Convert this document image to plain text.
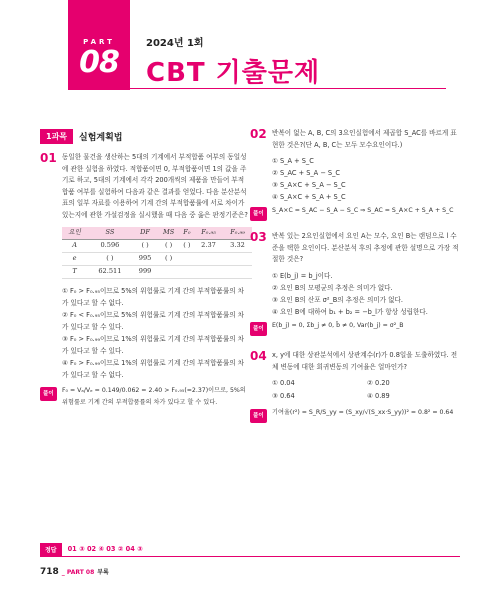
PART
08
2024년 1회
CBT 기출문제
1과목	실험계획법
01 동일한 물건을 생산하는 5대의 기계에서 부적합품 여부의 동일성에 관한 실험을 하였다. 적합품이면 0, 부적합품이면 1의 값을 주기로 하고, 5대의 기계에서 각각 200개씩의 제품을 만들어 부적합품 여부를 실험하여 다음과 같은 결과를 얻었다. 다음 분산분석표의 일부 자료를 이용하여 기계 간의 부적합품률에 서로 차이가 있는지에 관한 가설검정을 실시했을 때 다음 중 옳은 판정기준은?
요인	SS	DF	MS	F₀	F₀.₉₅	F₀.₉₉
A	0.596	( )	( )	( )	2.37	3.32
e	( )	995	( )			
T	62.511	999				
① F₀ > F₀.₉₅이므로 5%의 위험률로 기계 간의 부적합품률의 차가 있다고 할 수 없다.
② F₀ < F₀.₉₅이므로 5%의 위험률로 기계 간의 부적합품률의 차가 있다고 할 수 있다.
③ F₀ > F₀.₉₉이므로 1%의 위험률로 기계 간의 부적합품률의 차가 있다고 할 수 있다.
④ F₀ > F₀.₉₉이므로 1%의 위험률로 기계 간의 부적합품률의 차가 있다고 할 수 없다.
풀이	F₀ = Vₐ/Vₑ = 0.149/0.062 = 2.40 > F₀.₉₅(=2.37)이므로, 5%의 위험률로 기계 간의 부적합품률의 차가 있다고 할 수 있다.
02 반복이 없는 A, B, C의 3요인실험에서 제곱합 S_AC를 바르게 표현한 것은?(단 A, B, C는 모두 모수요인이다.)
① S_A + S_C
② S_AC + S_A − S_C
③ S_A×C + S_A − S_C
④ S_A×C + S_A + S_C
풀이	S_A×C = S_AC − S_A − S_C ⇒ S_AC = S_A×C + S_A + S_C
03 반복 있는 2요인실험에서 요인 A는 모수, 요인 B는 랜덤으로 l 수준을 택한 요인이다. 분산분석 후의 추정에 관한 설명으로 가장 적절한 것은?
① E(b_j) = b_j이다.
② 요인 B의 모평균의 추정은 의미가 없다.
③ 요인 B의 산포 σ²_B의 추정은 의미가 없다.
④ 요인 B에 대하여 b₁ + b₂ = −b_l가 항상 성립한다.
풀이	E(b_j) = 0, Σb_j ≠ 0, b̄ ≠ 0, Var(b_j) = σ²_B
04 x, y에 대한 상관분석에서 상관계수(r)가 0.8일을 도출하였다. 전체 변동에 대한 회귀변동의 기여율은 얼마인가?
① 0.04	② 0.20
③ 0.64	④ 0.89
풀이	기여율(r²) = S_R/S_yy = (S_xy/√(S_xx·S_yy))² = 0.8² = 0.64
정답	01 ③ 02 ④ 03 ② 04 ③
718 _ PART 08 부록
